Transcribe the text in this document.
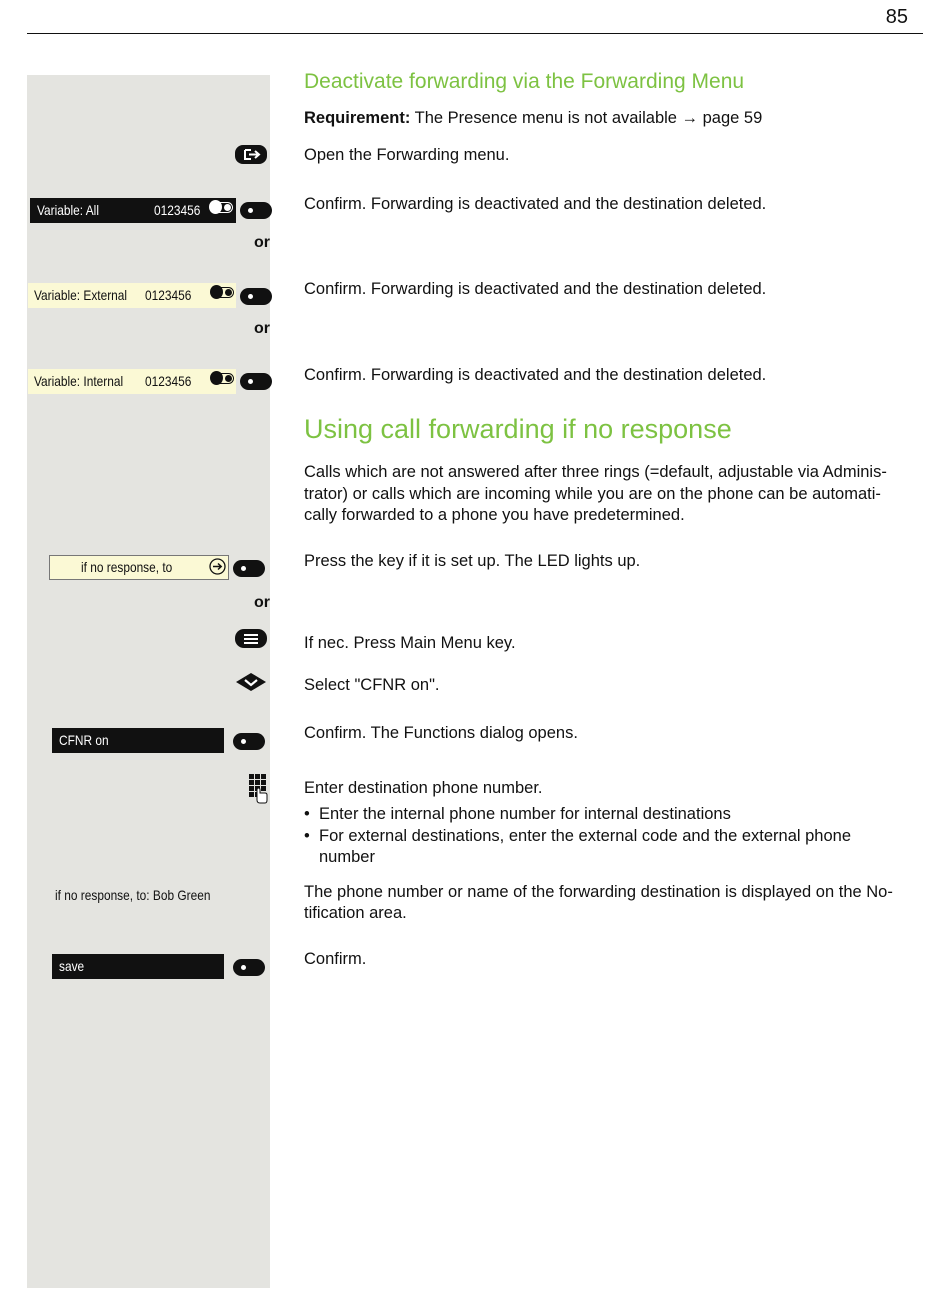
85
Deactivate forwarding via the Forwarding Menu
Requirement: The Presence menu is not available → page 59
Open the Forwarding menu.
Variable: All	0123456	Confirm. Forwarding is deactivated and the destination deleted.
or
Variable: External 0123456	Confirm. Forwarding is deactivated and the destination deleted.
or
Variable: Internal 0123456	Confirm. Forwarding is deactivated and the destination deleted.
Using call forwarding if no response
Calls which are not answered after three rings (=default, adjustable via Adminis-
trator) or calls which are incoming while you are on the phone can be automati-
cally forwarded to a phone you have predetermined.
if no response, to	Press the key if it is set up. The LED lights up.
or
If nec. Press Main Menu key.
Select "CFNR on".
CFNR on	Confirm. The Functions dialog opens.
Enter destination phone number.
• Enter the internal phone number for internal destinations
• For external destinations, enter the external code and the external phone
number
if no response, to: Bob Green	The phone number or name of the forwarding destination is displayed on the No-
tification area.
save	Confirm.
